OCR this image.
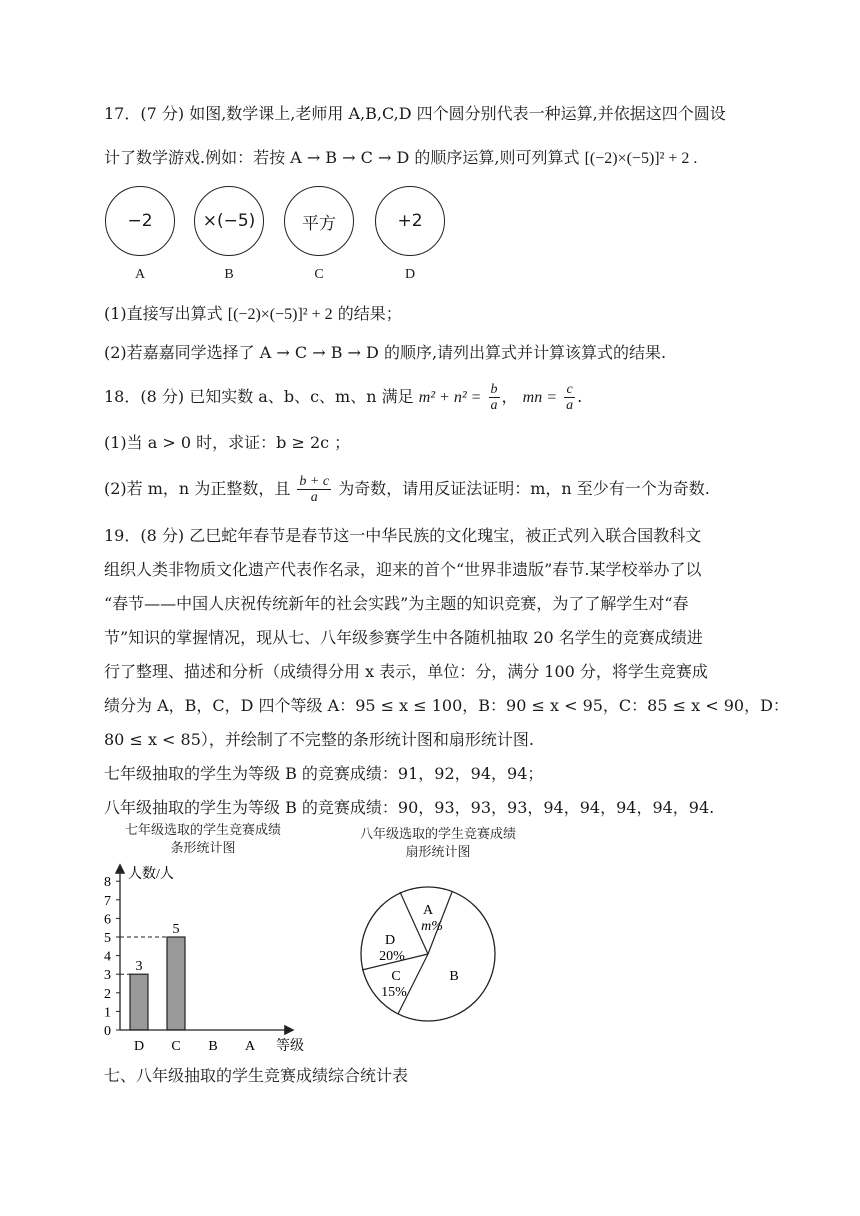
17．(7 分) 如图,数学课上,老师用 A,B,C,D 四个圆分别代表一种运算,并依据这四个圆设
计了数学游戏.例如：若按 A → B → C → D 的顺序运算,则可列算式 [(−2)×(−5)]² + 2 .
−2	×(−5)	平方	+2
A	B	C	D
(1)直接写出算式 [(−2)×(−5)]² + 2 的结果；
(2)若嘉嘉同学选择了 A → C → B → D 的顺序,请列出算式并计算该算式的结果.
18．(8 分) 已知实数 a、b、c、m、n 满足 $m^2 + n^2 = \frac{b}{a}$ ， mn = $\frac{c}{a}$ .
(1)当 a > 0 时，求证：b ≥ 2c ；
(2)若 m，n 为正整数，且 $\frac{b + c}{a}$ 为奇数，请用反证法证明：m，n 至少有一个为奇数.
19．(8 分) 乙巳蛇年春节是春节这一中华民族的文化瑰宝，被正式列入联合国教科文
组织人类非物质文化遗产代表作名录，迎来的首个“世界非遗版”春节.某学校举办了以
“春节——中国人庆祝传统新年的社会实践”为主题的知识竞赛，为了了解学生对“春
节”知识的掌握情况，现从七、八年级参赛学生中各随机抽取 20 名学生的竞赛成绩进
行了整理、描述和分析（成绩得分用 x 表示，单位：分，满分 100 分，将学生竞赛成
绩分为 A，B，C，D 四个等级 A：95 ≤ x ≤ 100，B：90 ≤ x < 95，C：85 ≤ x < 90，D：
80 ≤ x < 85），并绘制了不完整的条形统计图和扇形统计图.
七年级抽取的学生为等级 B 的竞赛成绩：91，92，94，94；
八年级抽取的学生为等级 B 的竞赛成绩：90，93，93，93，94，94，94，94，94.
七年级选取的学生竞赛成绩
条形统计图
0
1
2
3
4
5
6
7
8
3
5
D C B A
人数/人
等级
八年级选取的学生竞赛成绩
扇形统计图
A
m%
D
20%
C
15%
B
七、八年级抽取的学生竞赛成绩综合统计表
